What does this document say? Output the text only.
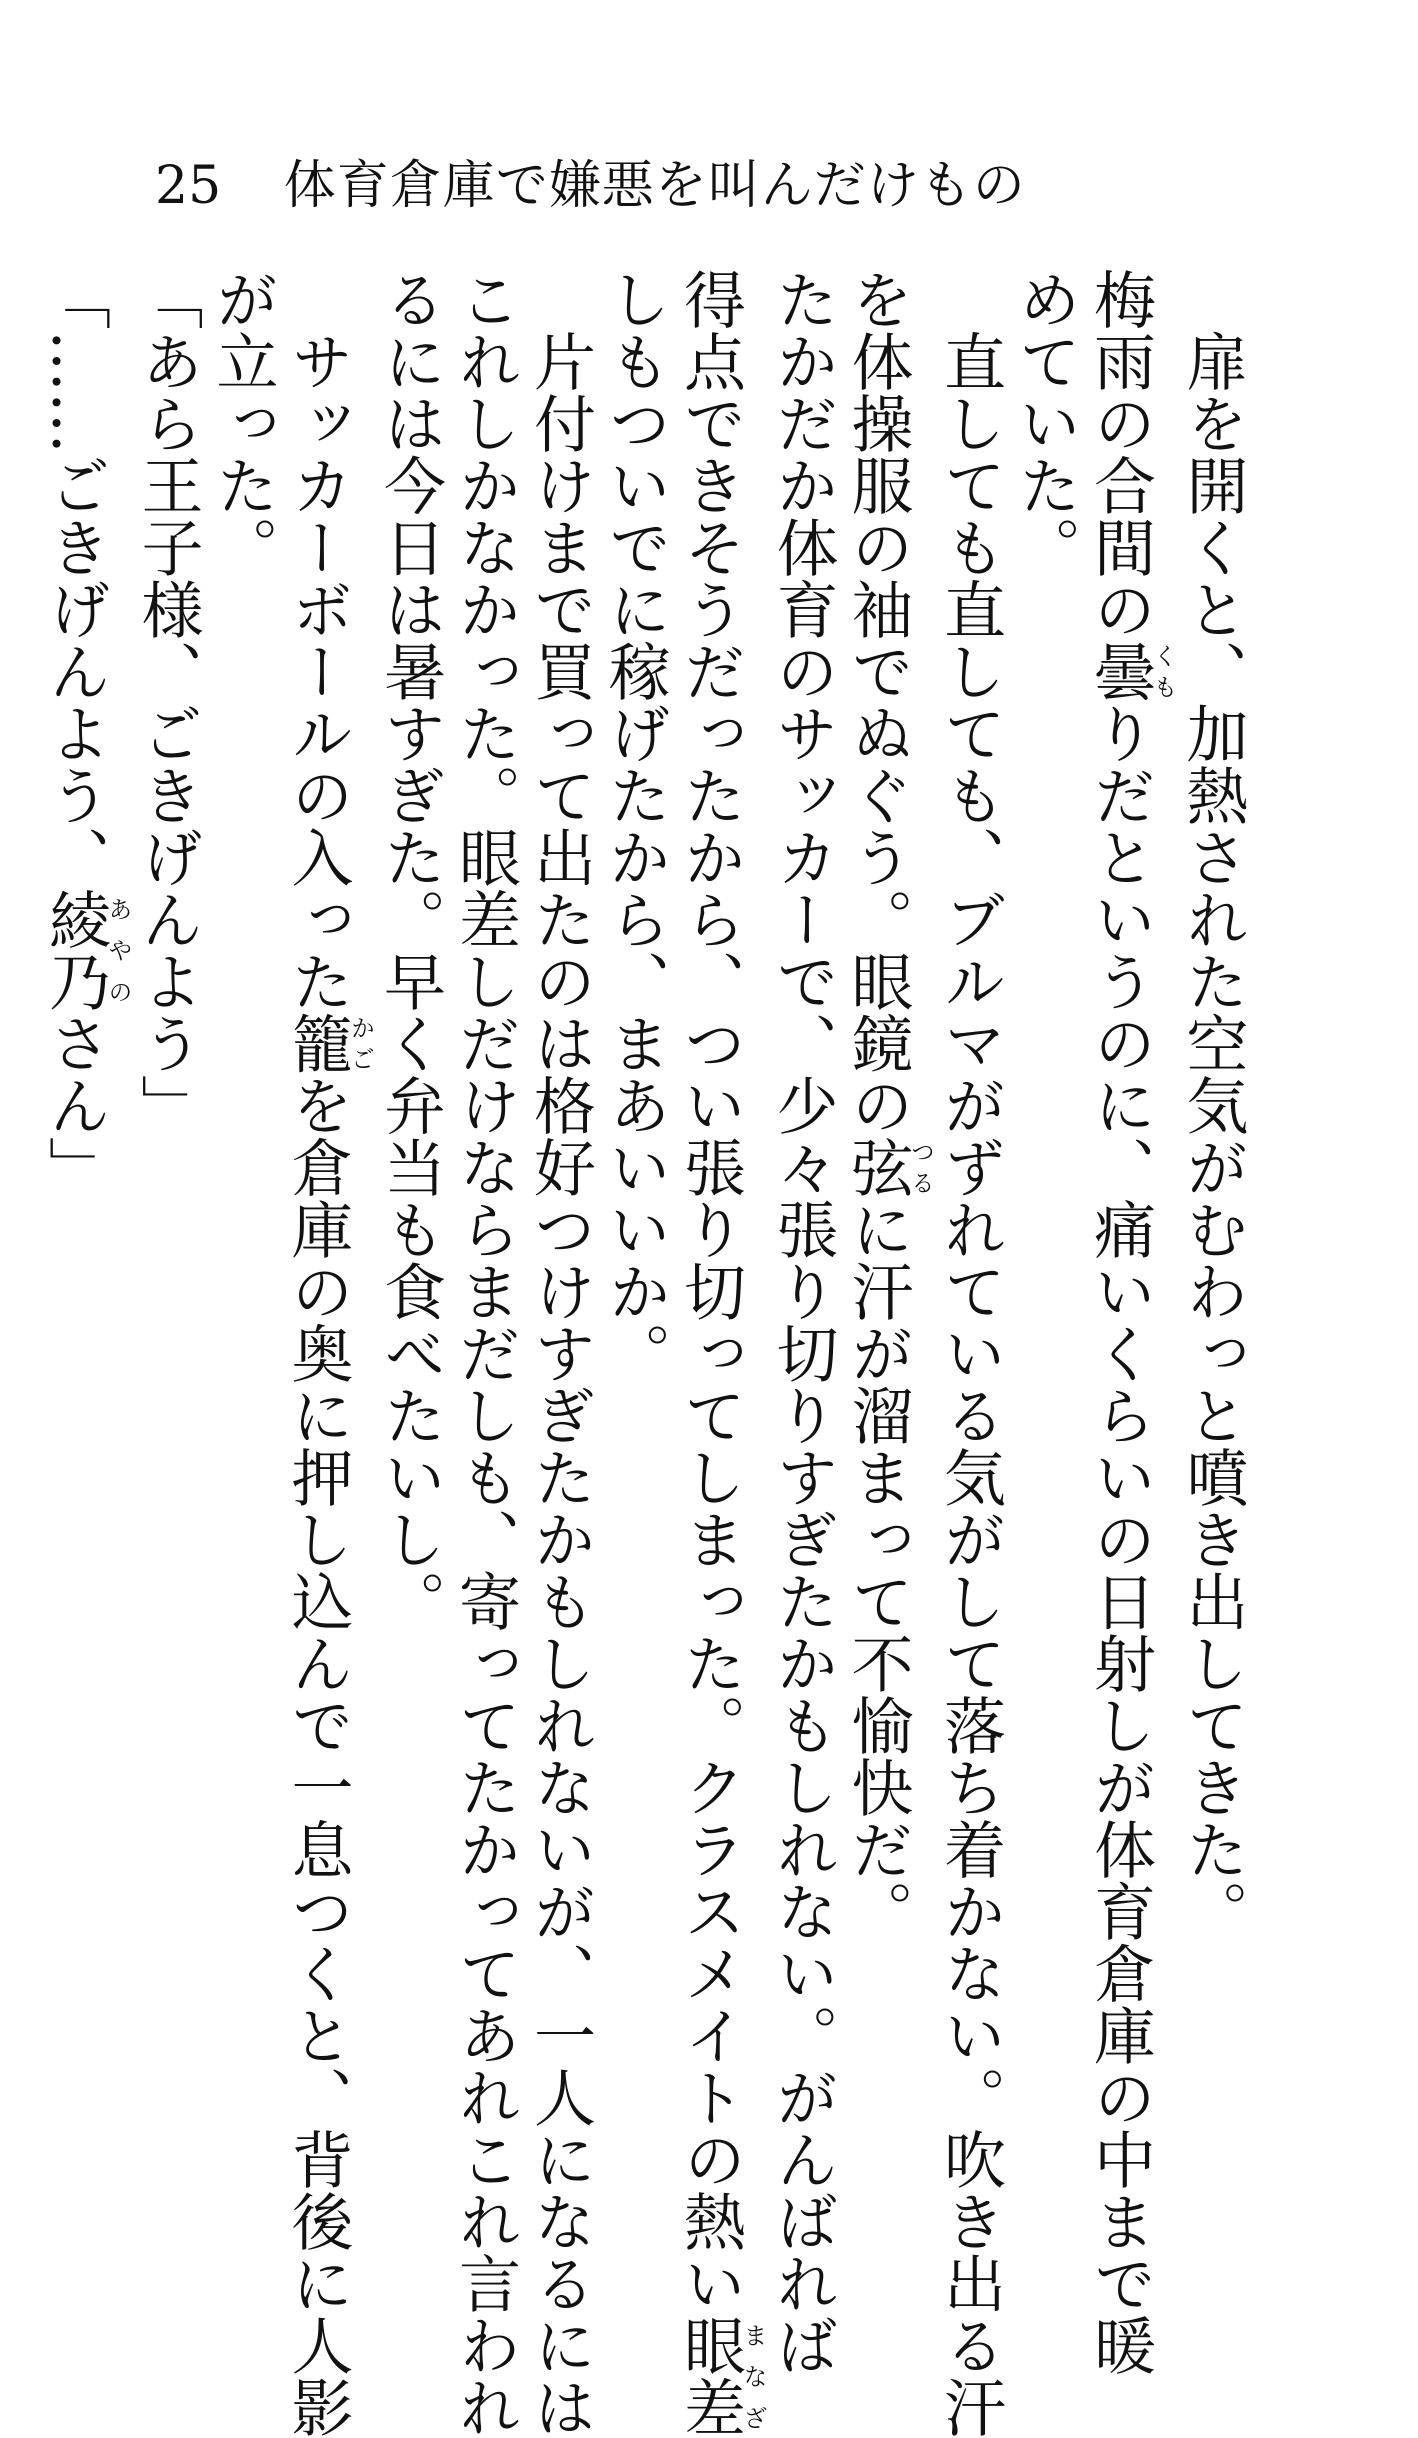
25 体育倉庫で嫌悪を叫んだけもの
扉を開くと、加熱された空気がむわっと噴き出してきた。
梅雨の合間の曇くもりだというのに、痛いくらいの日射しが体育倉庫の中まで暖
めていた。
直しても直しても、ブルマがずれている気がして落ち着かない。吹き出る汗
を体操服の袖でぬぐう。眼鏡の弦つるに汗が溜まって不愉快だ。
たかだか体育のサッカーで、少々張り切りすぎたかもしれない。がんばれば
得点できそうだったから、つい張り切ってしまった。クラスメイトの熱い眼差まなざ
しもついでに稼げたから、まあいいか。
片付けまで買って出たのは格好つけすぎたかもしれないが、一人になるには
これしかなかった。眼差しだけならまだしも、寄ってたかってあれこれ言われ
るには今日は暑すぎた。早く弁当も食べたいし。
サッカーボールの入った籠かごを倉庫の奥に押し込んで一息つくと、背後に人影
が立った。
「あら王子様、ごきげんよう」
「……ごきげんよう、綾乃あやのさん」
